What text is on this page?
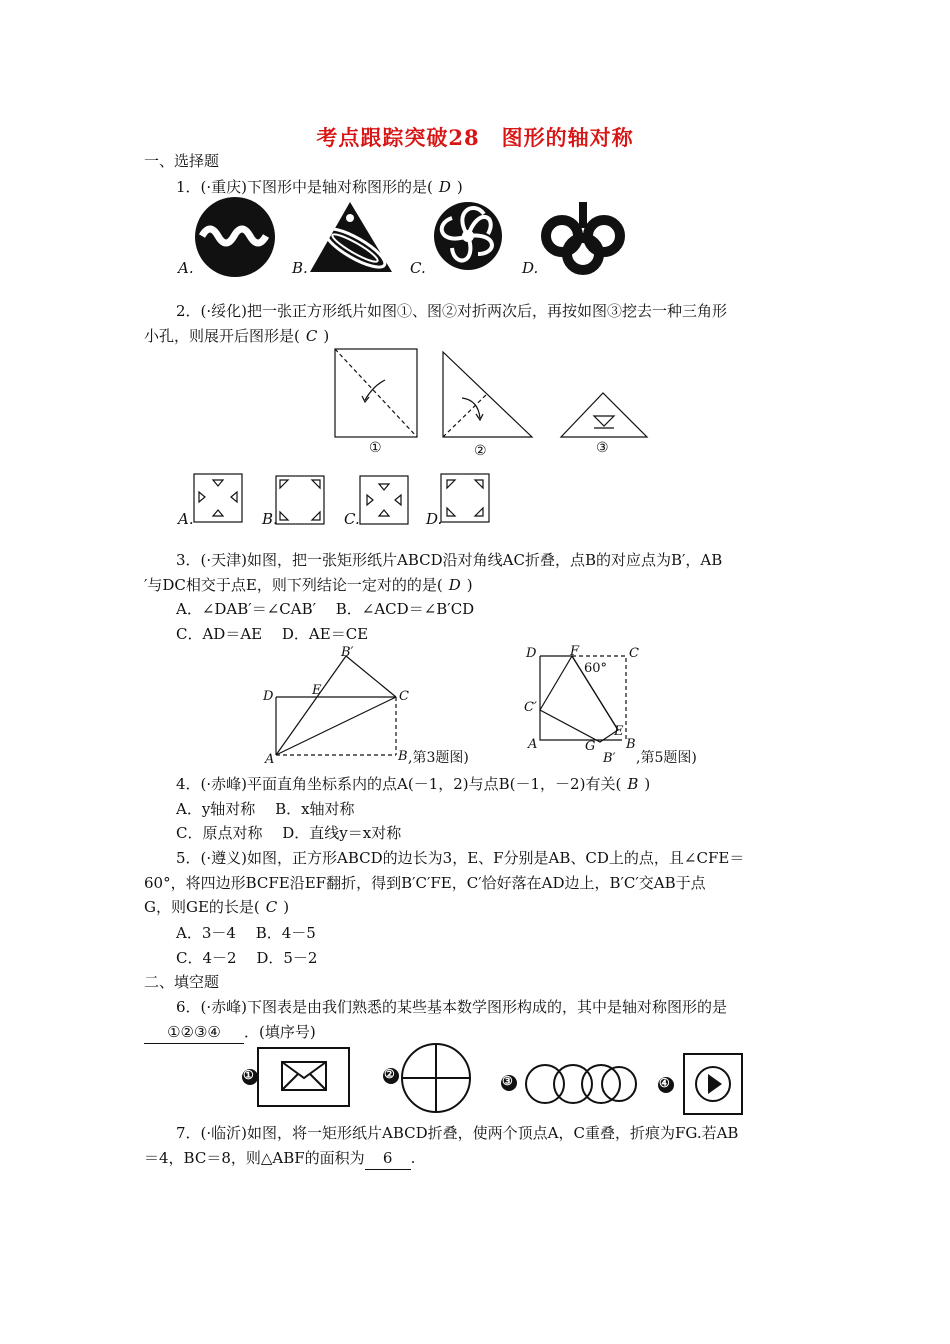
考点跟踪突破28　图形的轴对称
一、选择题
1．(·重庆)下图形中是轴对称图形的是( D )
A.	B.	C.	D.
2．(·绥化)把一张正方形纸片如图①、图②对折两次后，再按如图③挖去一种三角形
小孔，则展开后图形是( C )
①	②	③
A.	B.	C.	D.
3．(·天津)如图，把一张矩形纸片ABCD沿对角线AC折叠，点B的对应点为B′，AB
′与DC相交于点E，则下列结论一定对的的是( D )
A．∠DAB′＝∠CAB′　 B．∠ACD＝∠B′CD
C．AD＝AE　 D．AE＝CE
B′
D	E	C
A	B ,第3题图)
D	F	C
60°
C′
E
A	G B
B′ ,第5题图)
4．(·赤峰)平面直角坐标系内的点A(－1，2)与点B(－1，－2)有关( B )
A．y轴对称　 B．x轴对称
C．原点对称　 D．直线y＝x对称
5．(·遵义)如图，正方形ABCD的边长为3，E、F分别是AB、CD上的点，且∠CFE＝
60°，将四边形BCFE沿EF翻折，得到B′C′FE，C′恰好落在AD边上，B′C′交AB于点
G，则GE的长是( C )
A．3－4　 B．4－5
C．4－2　 D．5－2
二、填空题
6．(·赤峰)下图表是由我们熟悉的某些基本数学图形构成的，其中是轴对称图形的是
①②③④ ．(填序号)
①	②	③	④
7．(·临沂)如图，将一矩形纸片ABCD折叠，使两个顶点A，C重叠，折痕为FG.若AB
＝4，BC＝8，则△ABF的面积为 6 .
